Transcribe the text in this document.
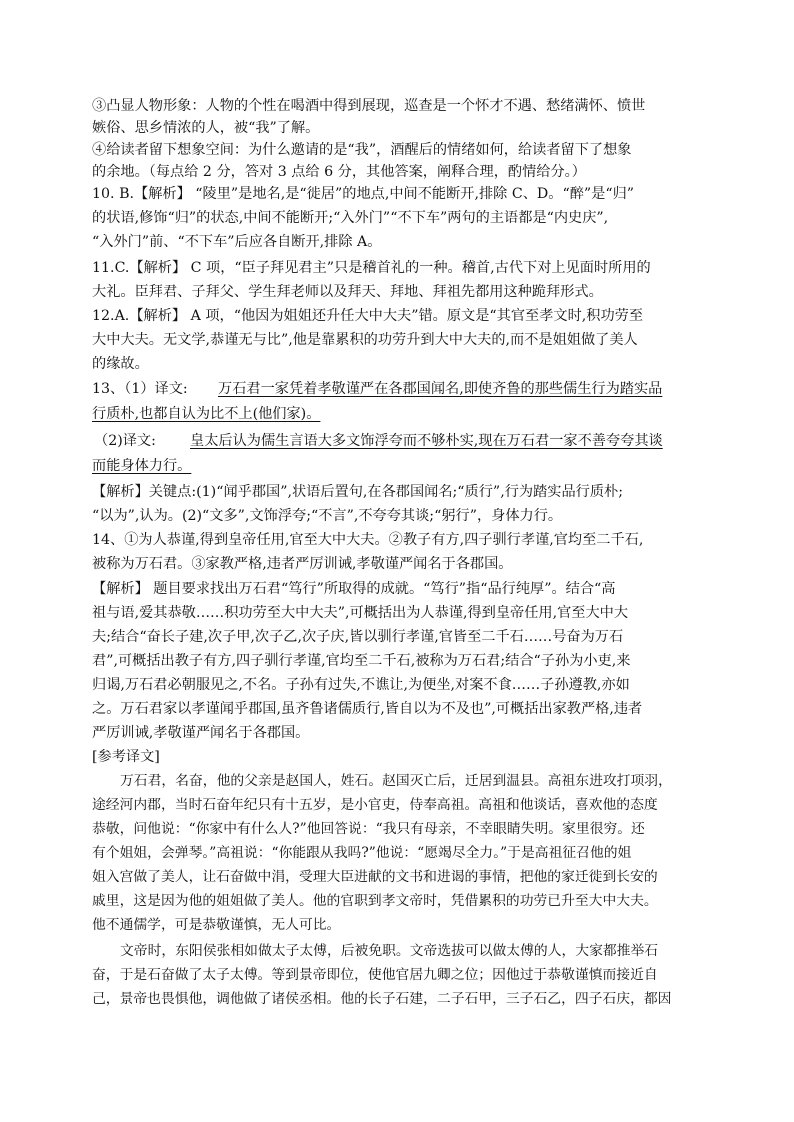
③凸显人物形象：人物的个性在喝酒中得到展现，巡查是一个怀才不遇、愁绪满怀、愤世
嫉俗、思乡情浓的人，被“我”了解。
④给读者留下想象空间：为什么邀请的是“我”，酒醒后的情绪如何，给读者留下了想象
的余地。（每点给 2 分，答对 3 点给 6 分，其他答案，阐释合理，酌情给分。）
10. B.【解析】 “陵里”是地名,是“徙居”的地点,中间不能断开,排除 C、D。“醉”是“归”
的状语,修饰“归”的状态,中间不能断开;“入外门”“不下车”两句的主语都是“内史庆”,
“入外门”前、“不下车”后应各自断开,排除 A。
11.C.【解析】 C 项，“臣子拜见君主”只是稽首礼的一种。稽首,古代下对上见面时所用的
大礼。臣拜君、子拜父、学生拜老师以及拜天、拜地、拜祖先都用这种跪拜形式。
12.A.【解析】 A 项，“他因为姐姐还升任大中大夫”错。原文是“其官至孝文时,积功劳至
大中大夫。无文学,恭谨无与比”,他是靠累积的功劳升到大中大夫的,而不是姐姐做了美人
的缘故。
13、（1）译文: 万石君一家凭着孝敬谨严在各郡国闻名,即使齐鲁的那些儒生行为踏实品
行质朴,也都自认为比不上(他们家)。
（2)译文: 皇太后认为儒生言语大多文饰浮夸而不够朴实,现在万石君一家不善夸夸其谈
而能身体力行。
【解析】关键点:(1)“闻乎郡国”,状语后置句,在各郡国闻名;“质行”,行为踏实品行质朴;
“以为”,认为。(2)“文多”,文饰浮夸;“不言”,不夸夸其谈;“躬行”，身体力行。
14、①为人恭谨,得到皇帝任用,官至大中大夫。②教子有方,四子驯行孝谨,官均至二千石,
被称为万石君。③家教严格,违者严厉训诫,孝敬谨严闻名于各郡国。
【解析】 题目要求找出万石君“笃行”所取得的成就。“笃行”指“品行纯厚”。结合“高
祖与语,爱其恭敬……积功劳至大中大夫”,可概括出为人恭谨,得到皇帝任用,官至大中大
夫;结合“奋长子建,次子甲,次子乙,次子庆,皆以驯行孝谨,官皆至二千石……号奋为万石
君”,可概括出教子有方,四子驯行孝谨,官均至二千石,被称为万石君;结合“子孙为小吏,来
归谒,万石君必朝服见之,不名。子孙有过失,不谯让,为便坐,对案不食……子孙遵教,亦如
之。万石君家以孝谨闻乎郡国,虽齐鲁诸儒质行,皆自以为不及也”,可概括出家教严格,违者
严厉训诫,孝敬谨严闻名于各郡国。
[参考译文]
万石君，名奋，他的父亲是赵国人，姓石。赵国灭亡后，迁居到温县。高祖东进攻打项羽，
途经河内郡，当时石奋年纪只有十五岁，是小官吏，侍奉高祖。高祖和他谈话，喜欢他的态度
恭敬，问他说：“你家中有什么人?”他回答说：“我只有母亲，不幸眼睛失明。家里很穷。还
有个姐姐，会弹琴。”高祖说：“你能跟从我吗?”他说：“愿竭尽全力。”于是高祖征召他的姐
姐入宫做了美人，让石奋做中涓，受理大臣进献的文书和进谒的事情，把他的家迁徙到长安的
戚里，这是因为他的姐姐做了美人。他的官职到孝文帝时，凭借累积的功劳已升至大中大夫。
他不通儒学，可是恭敬谨慎，无人可比。
文帝时，东阳侯张相如做太子太傅，后被免职。文帝选拔可以做太傅的人，大家都推举石
奋，于是石奋做了太子太傅。等到景帝即位，使他官居九卿之位；因他过于恭敬谨慎而接近自
己，景帝也畏惧他，调他做了诸侯丞相。他的长子石建，二子石甲，三子石乙，四子石庆，都因
